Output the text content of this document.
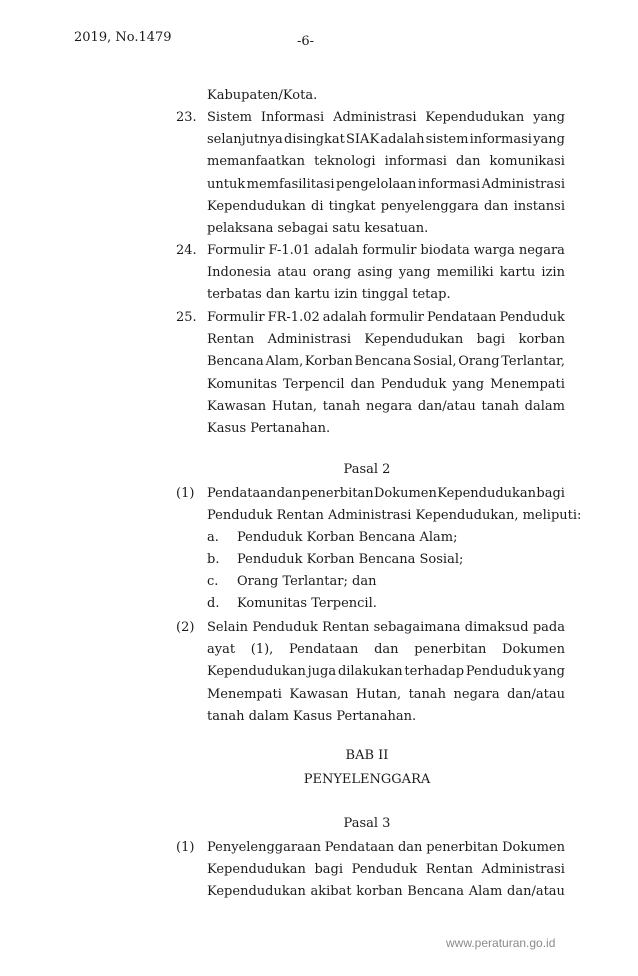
2019, No.1479	-6-
Kabupaten/Kota.
23. Sistem Informasi Administrasi Kependudukan yang
selanjutnya disingkat SIAK adalah sistem informasi yang
memanfaatkan teknologi informasi dan komunikasi
untuk memfasilitasi pengelolaan informasi Administrasi
Kependudukan di tingkat penyelenggara dan instansi
pelaksana sebagai satu kesatuan.
24. Formulir F-1.01 adalah formulir biodata warga negara
Indonesia atau orang asing yang memiliki kartu izin
terbatas dan kartu izin tinggal tetap.
25. Formulir FR-1.02 adalah formulir Pendataan Penduduk
Rentan Administrasi Kependudukan bagi korban
Bencana Alam, Korban Bencana Sosial, Orang Terlantar,
Komunitas Terpencil dan Penduduk yang Menempati
Kawasan Hutan, tanah negara dan/atau tanah dalam
Kasus Pertanahan.
Pasal 2
(1) Pendataan dan penerbitan Dokumen Kependudukan bagi
Penduduk Rentan Administrasi Kependudukan, meliputi:
a. Penduduk Korban Bencana Alam;
b. Penduduk Korban Bencana Sosial;
c. Orang Terlantar; dan
d. Komunitas Terpencil.
(2) Selain Penduduk Rentan sebagaimana dimaksud pada
ayat (1), Pendataan dan penerbitan Dokumen
Kependudukan juga dilakukan terhadap Penduduk yang
Menempati Kawasan Hutan, tanah negara dan/atau
tanah dalam Kasus Pertanahan.
BAB II
PENYELENGGARA
Pasal 3
(1) Penyelenggaraan Pendataan dan penerbitan Dokumen
Kependudukan bagi Penduduk Rentan Administrasi
Kependudukan akibat korban Bencana Alam dan/atau
www.peraturan.go.id
